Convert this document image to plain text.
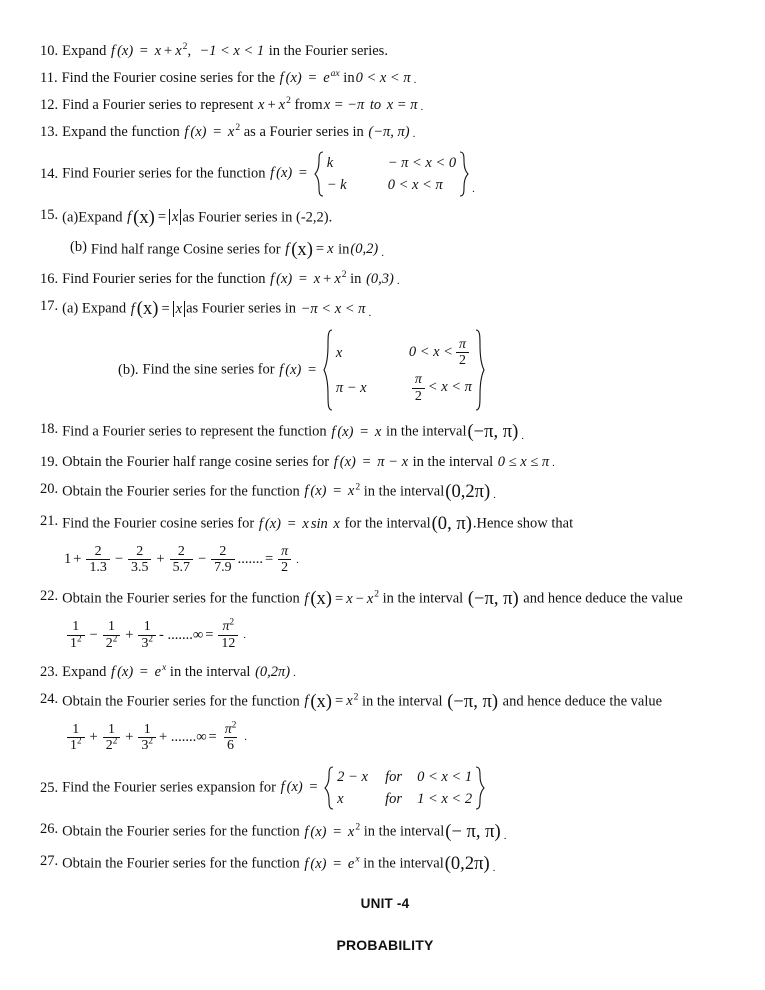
10. Expand f $(x) = x + x^2$, −1 < x < 1 in the Fourier series.
11. Find the Fourier cosine series for the f $(x) = e^{ax}$ in0 < x < π .
12. Find a Fourier series to represent $x + x^2$ fromx = −π to x = π .
13. Expand the function f $(x) = x^2$ as a Fourier series in (−π, π) .
14. Find Fourier series for the function f (x) =
k	− π < x < 0
− k	0 < x < π	.
15. (a)Expand f (x) = x as Fourier series in (-2,2).
(b) Find half range Cosine series for f (x) = x in(0,2) .
16. Find Fourier series for the function f $(x) = x + x^2$ in (0,3) .
17. (a) Expand f (x) = x as Fourier series in −π < x < π .
(b). Find the sine series for f (x) =
x	$0 < x < \frac{\pi}{2}$
π − x	$\frac{\pi}{2} < x < \pi$
18. Find a Fourier series to represent the function f (x) = x in the interval(−π, π) .
19. Obtain the Fourier half range cosine series for f (x) = π − x in the interval 0 ≤ x ≤ π .
20. Obtain the Fourier series for the function f $(x) = x^2$ in the interval(0,2π) .
21. Find the Fourier cosine series for f (x) = x sin x for the interval(0, π).Hence show that
$1 + \frac{2}{1.3} - \frac{2}{3.5} + \frac{2}{5.7} - \frac{2}{7.9}$ ....... = $\frac{\pi}{2}$ .
22. Obtain the Fourier series for the function f $(x) = x - x^2$ in the interval (−π, π) and hence deduce the value
$\frac{1}{1^2} - \frac{1}{2^2} + \frac{1}{3^2}$ - .......∞ = $\frac{\pi^2}{12}$ .
23. Expand f $(x) = e^x$ in the interval (0,2π) .
24. Obtain the Fourier series for the function f $(x) = x^2$ in the interval (−π, π) and hence deduce the value
$\frac{1}{1^2} + \frac{1}{2^2} + \frac{1}{3^2}$ + .......∞ = $\frac{\pi^2}{6}$ .
25. Find the Fourier series expansion for f (x) =
2 − x	for	0 < x < 1
x	for	1 < x < 2
26. Obtain the Fourier series for the function f $(x) = x^2$ in the interval(− π, π) .
27. Obtain the Fourier series for the function f $(x) = e^x$ in the interval(0,2π) .
UNIT -4
PROBABILITY
